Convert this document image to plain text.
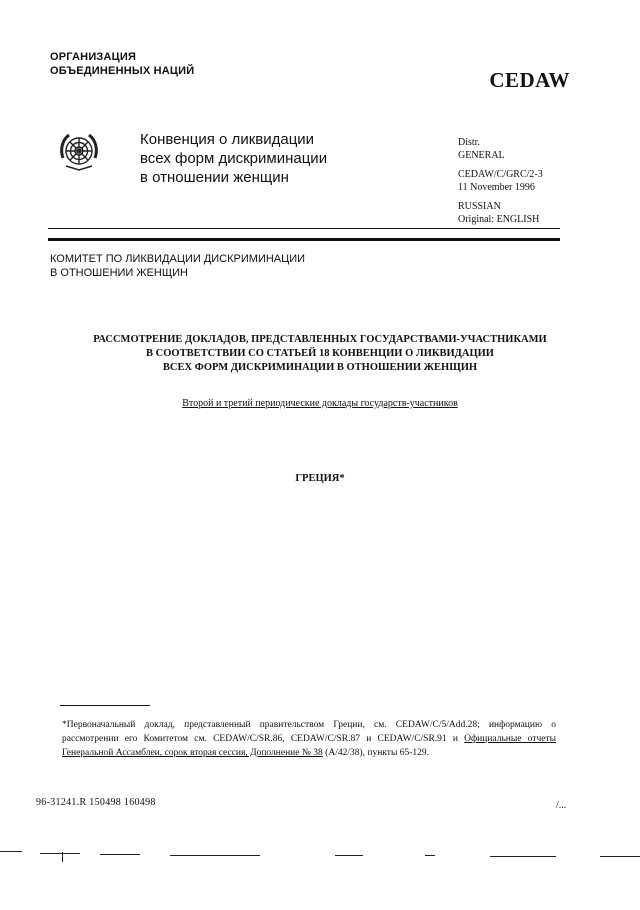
ОРГАНИЗАЦИЯ
ОБЪЕДИНЕННЫХ НАЦИЙ	CEDAW
Конвенция о ликвидации
всех форм дискриминации
в отношении женщин
Distr.
GENERAL
CEDAW/C/GRC/2-3
11 November 1996
RUSSIAN
Original: ENGLISH
КОМИТЕТ ПО ЛИКВИДАЦИИ ДИСКРИМИНАЦИИ
В ОТНОШЕНИИ ЖЕНЩИН
РАССМОТРЕНИЕ ДОКЛАДОВ, ПРЕДСТАВЛЕННЫХ ГОСУДАРСТВАМИ-УЧАСТНИКАМИ
В СООТВЕТСТВИИ СО СТАТЬЕЙ 18 КОНВЕНЦИИ О ЛИКВИДАЦИИ
ВСЕХ ФОРМ ДИСКРИМИНАЦИИ В ОТНОШЕНИИ ЖЕНЩИН
Второй и третий периодические доклады государств-участников
ГРЕЦИЯ*
*Первоначальный доклад, представленный правительством Греции, см. CEDAW/C/5/Add.28; информацию о рассмотрении его Комитетом см. CEDAW/C/SR.86, CEDAW/C/SR.87 и CEDAW/C/SR.91 и Официальные отчеты Генеральной Ассамблеи, сорок вторая сессия, Дополнение № 38 (A/42/38), пункты 65-129.
96-31241.R 150498 160498	/...
